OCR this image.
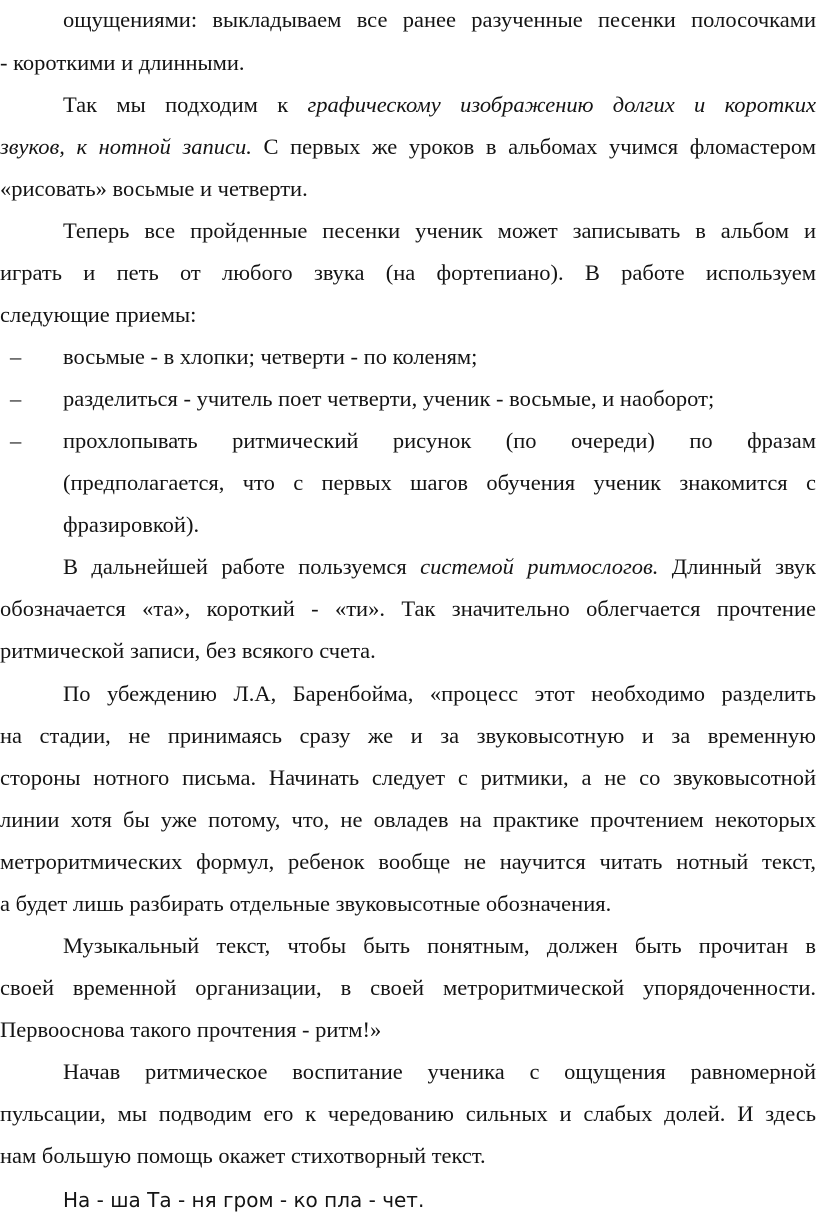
ощущениями: выкладываем все ранее разученные песенки полосочками
- короткими и длинными.
Так мы подходим к графическому изображению долгих и коротких
звуков, к нотной записи. С первых же уроков в альбомах учимся фломастером
«рисовать» восьмые и четверти.
Теперь все пройденные песенки ученик может записывать в альбом и
играть и петь от любого звука (на фортепиано). В работе используем
следующие приемы:
–	восьмые - в хлопки; четверти - по коленям;
–	разделиться - учитель поет четверти, ученик - восьмые, и наоборот;
–	прохлопывать ритмический рисунок (по очереди) по фразам
(предполагается, что с первых шагов обучения ученик знакомится с
фразировкой).
В дальнейшей работе пользуемся системой ритмослогов. Длинный звук
обозначается «та», короткий - «ти». Так значительно облегчается прочтение
ритмической записи, без всякого счета.
По убеждению Л.А, Баренбойма, «процесс этот необходимо разделить
на стадии, не принимаясь сразу же и за звуковысотную и за временную
стороны нотного письма. Начинать следует с ритмики, а не со звуковысотной
линии хотя бы уже потому, что, не овладев на практике прочтением некоторых
метроритмических формул, ребенок вообще не научится читать нотный текст,
а будет лишь разбирать отдельные звуковысотные обозначения.
Музыкальный текст, чтобы быть понятным, должен быть прочитан в
своей временной организации, в своей метроритмической упорядоченности.
Первооснова такого прочтения - ритм!»
Начав ритмическое воспитание ученика с ощущения равномерной
пульсации, мы подводим его к чередованию сильных и слабых долей. И здесь
нам большую помощь окажет стихотворный текст.
На - ша Та - ня гром - ко пла - чет.
